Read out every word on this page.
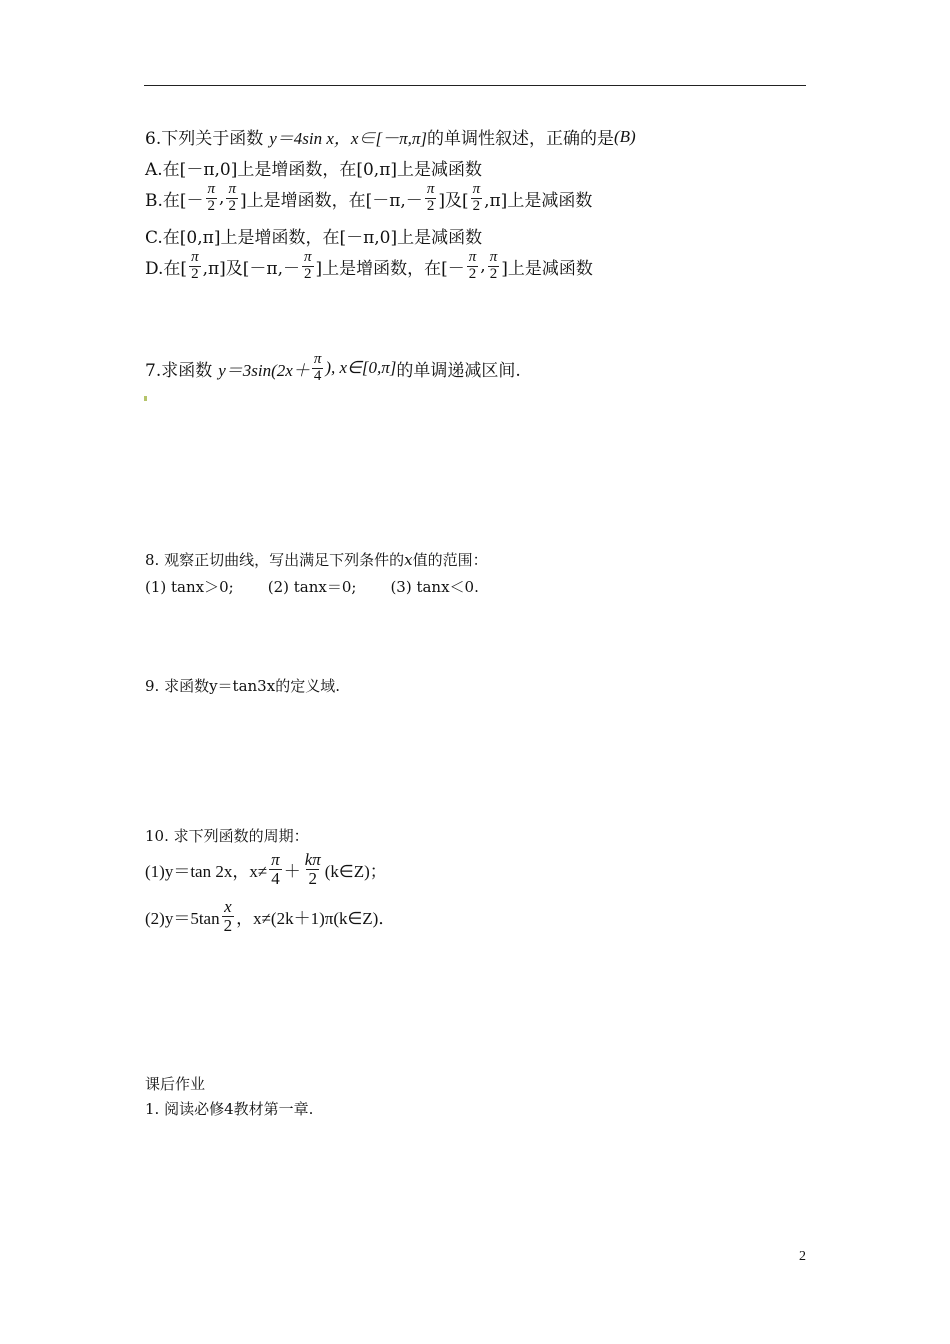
6.下列关于函数 y＝4sin x，x∈[－π,π] 的单调性叙述，正确的是 (B)
A.在[－π,0]上是增函数，在[0,π]上是减函数
B.在[－ $\frac{\pi}{2}$ , $\frac{\pi}{2}$ ]上是增函数，在[$-\pi,- \frac{\pi}{2}$ ]及[ $\frac{\pi}{2} ,\pi$]上是减函数
C.在[0,π]上是增函数，在[－π,0]上是减函数
D.在[ $\frac{\pi}{2} ,\pi$]及[$-\pi,- \frac{\pi}{2}$ ]上是增函数，在[－ $\frac{\pi}{2}$ , $\frac{\pi}{2}$ ]上是减函数
7.求函数 $y=3\sin(2x+ \frac{\pi}{4}$ ), x∈[0,π] 的单调递减区间.
8. 观察正切曲线，写出满足下列条件的 x 值的范围：
(1) tanx＞0; (2) tanx＝0; (3) tanx＜0.
9. 求函数y＝tan3x的定义域.
10. 求下列函数的周期：
(1)y＝tan 2x，$x\ne \frac{\pi}{4} + \frac{k\pi}{2}$ (k∈Z)；
$(2)y=5\tan \frac{x}{2}$ ，x≠(2k＋1)π(k∈Z)．
课后作业
1. 阅读必修4教材第一章.
2
